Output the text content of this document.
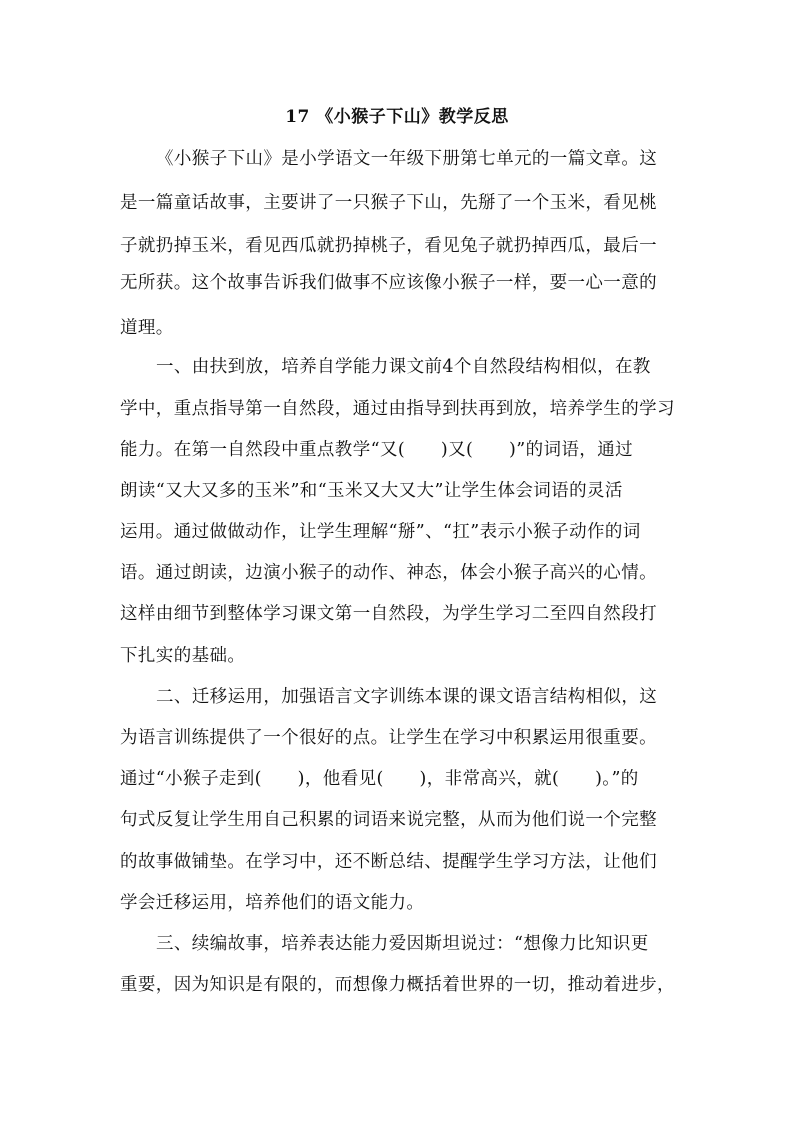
17 《小猴子下山》教学反思
《小猴子下山》是小学语文一年级下册第七单元的一篇文章。这
是一篇童话故事，主要讲了一只猴子下山，先掰了一个玉米，看见桃
子就扔掉玉米，看见西瓜就扔掉桃子，看见兔子就扔掉西瓜，最后一
无所获。这个故事告诉我们做事不应该像小猴子一样，要一心一意的
道理。
一、由扶到放，培养自学能力课文前4个自然段结构相似，在教
学中，重点指导第一自然段，通过由指导到扶再到放，培养学生的学习
能力。在第一自然段中重点教学“又(　　)又(　　)”的词语，通过
朗读“又大又多的玉米”和“玉米又大又大”让学生体会词语的灵活
运用。通过做做动作，让学生理解“掰”、“扛”表示小猴子动作的词
语。通过朗读，边演小猴子的动作、神态，体会小猴子高兴的心情。
这样由细节到整体学习课文第一自然段，为学生学习二至四自然段打
下扎实的基础。
二、迁移运用，加强语言文字训练本课的课文语言结构相似，这
为语言训练提供了一个很好的点。让学生在学习中积累运用很重要。
通过“小猴子走到(　　)，他看见(　　)，非常高兴，就(　　)。”的
句式反复让学生用自己积累的词语来说完整，从而为他们说一个完整
的故事做铺垫。在学习中，还不断总结、提醒学生学习方法，让他们
学会迁移运用，培养他们的语文能力。
三、续编故事，培养表达能力爱因斯坦说过：“想像力比知识更
重要，因为知识是有限的，而想像力概括着世界的一切，推动着进步，
